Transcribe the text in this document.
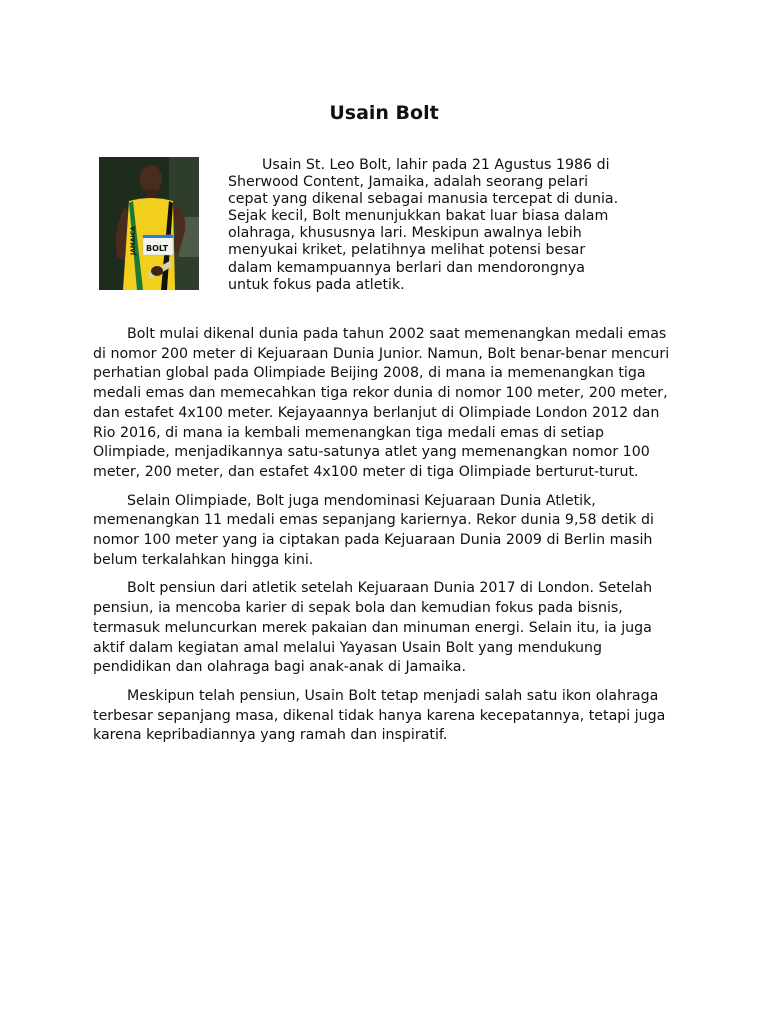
Usain Bolt
JAMAICA BOLT

Usain St. Leo Bolt, lahir pada 21 Agustus 1986 di Sherwood Content, Jamaika, adalah seorang pelari cepat yang dikenal sebagai manusia tercepat di dunia. Sejak kecil, Bolt menunjukkan bakat luar biasa dalam olahraga, khususnya lari. Meskipun awalnya lebih menyukai kriket, pelatihnya melihat potensi besar dalam kemampuannya berlari dan mendorongnya untuk fokus pada atletik.

Bolt mulai dikenal dunia pada tahun 2002 saat memenangkan medali emas di nomor 200 meter di Kejuaraan Dunia Junior. Namun, Bolt benar-benar mencuri perhatian global pada Olimpiade Beijing 2008, di mana ia memenangkan tiga medali emas dan memecahkan tiga rekor dunia di nomor 100 meter, 200 meter, dan estafet 4x100 meter. Kejayaannya berlanjut di Olimpiade London 2012 dan Rio 2016, di mana ia kembali memenangkan tiga medali emas di setiap Olimpiade, menjadikannya satu-satunya atlet yang memenangkan nomor 100 meter, 200 meter, dan estafet 4x100 meter di tiga Olimpiade berturut-turut.

Selain Olimpiade, Bolt juga mendominasi Kejuaraan Dunia Atletik, memenangkan 11 medali emas sepanjang kariernya. Rekor dunia 9,58 detik di nomor 100 meter yang ia ciptakan pada Kejuaraan Dunia 2009 di Berlin masih belum terkalahkan hingga kini.

Bolt pensiun dari atletik setelah Kejuaraan Dunia 2017 di London. Setelah pensiun, ia mencoba karier di sepak bola dan kemudian fokus pada bisnis, termasuk meluncurkan merek pakaian dan minuman energi. Selain itu, ia juga aktif dalam kegiatan amal melalui Yayasan Usain Bolt yang mendukung pendidikan dan olahraga bagi anak-anak di Jamaika.

Meskipun telah pensiun, Usain Bolt tetap menjadi salah satu ikon olahraga terbesar sepanjang masa, dikenal tidak hanya karena kecepatannya, tetapi juga karena kepribadiannya yang ramah dan inspiratif.
